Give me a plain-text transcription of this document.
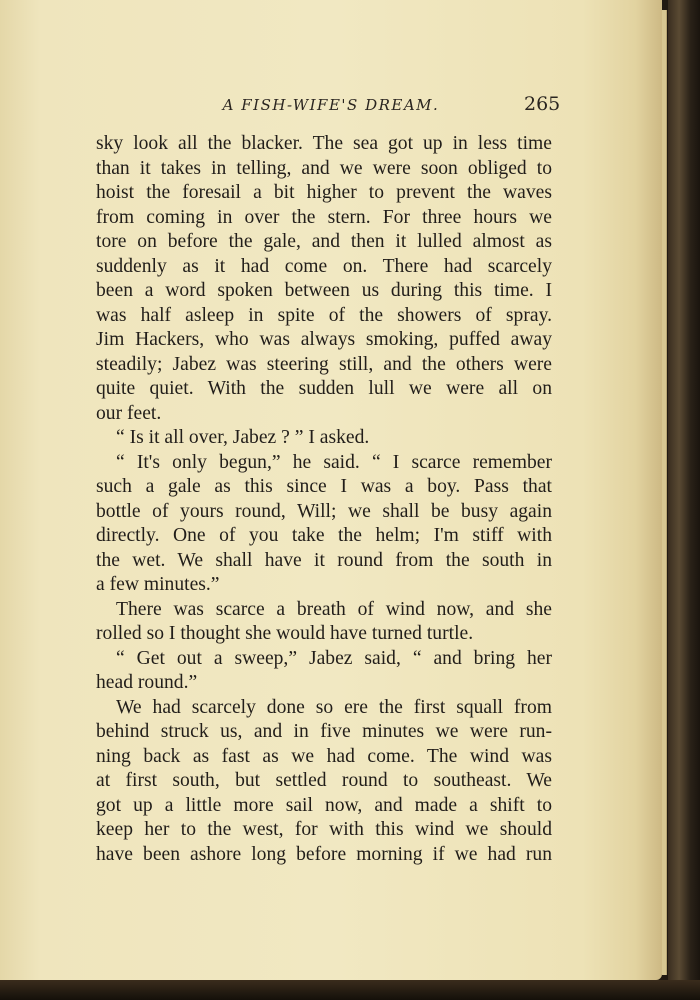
A FISH-WIFE'S DREAM.	265
sky look all the blacker. The sea got up in less time
than it takes in telling, and we were soon obliged to
hoist the foresail a bit higher to prevent the waves
from coming in over the stern. For three hours we
tore on before the gale, and then it lulled almost as
suddenly as it had come on. There had scarcely
been a word spoken between us during this time. I
was half asleep in spite of the showers of spray.
Jim Hackers, who was always smoking, puffed away
steadily; Jabez was steering still, and the others were
quite quiet. With the sudden lull we were all on
our feet.
“ Is it all over, Jabez ? ” I asked.
“ It's only begun,” he said. “ I scarce remember
such a gale as this since I was a boy. Pass that
bottle of yours round, Will; we shall be busy again
directly. One of you take the helm; I'm stiff with
the wet. We shall have it round from the south in
a few minutes.”
There was scarce a breath of wind now, and she
rolled so I thought she would have turned turtle.
“ Get out a sweep,” Jabez said, “ and bring her
head round.”
We had scarcely done so ere the first squall from
behind struck us, and in five minutes we were run-
ning back as fast as we had come. The wind was
at first south, but settled round to southeast. We
got up a little more sail now, and made a shift to
keep her to the west, for with this wind we should
have been ashore long before morning if we had run
